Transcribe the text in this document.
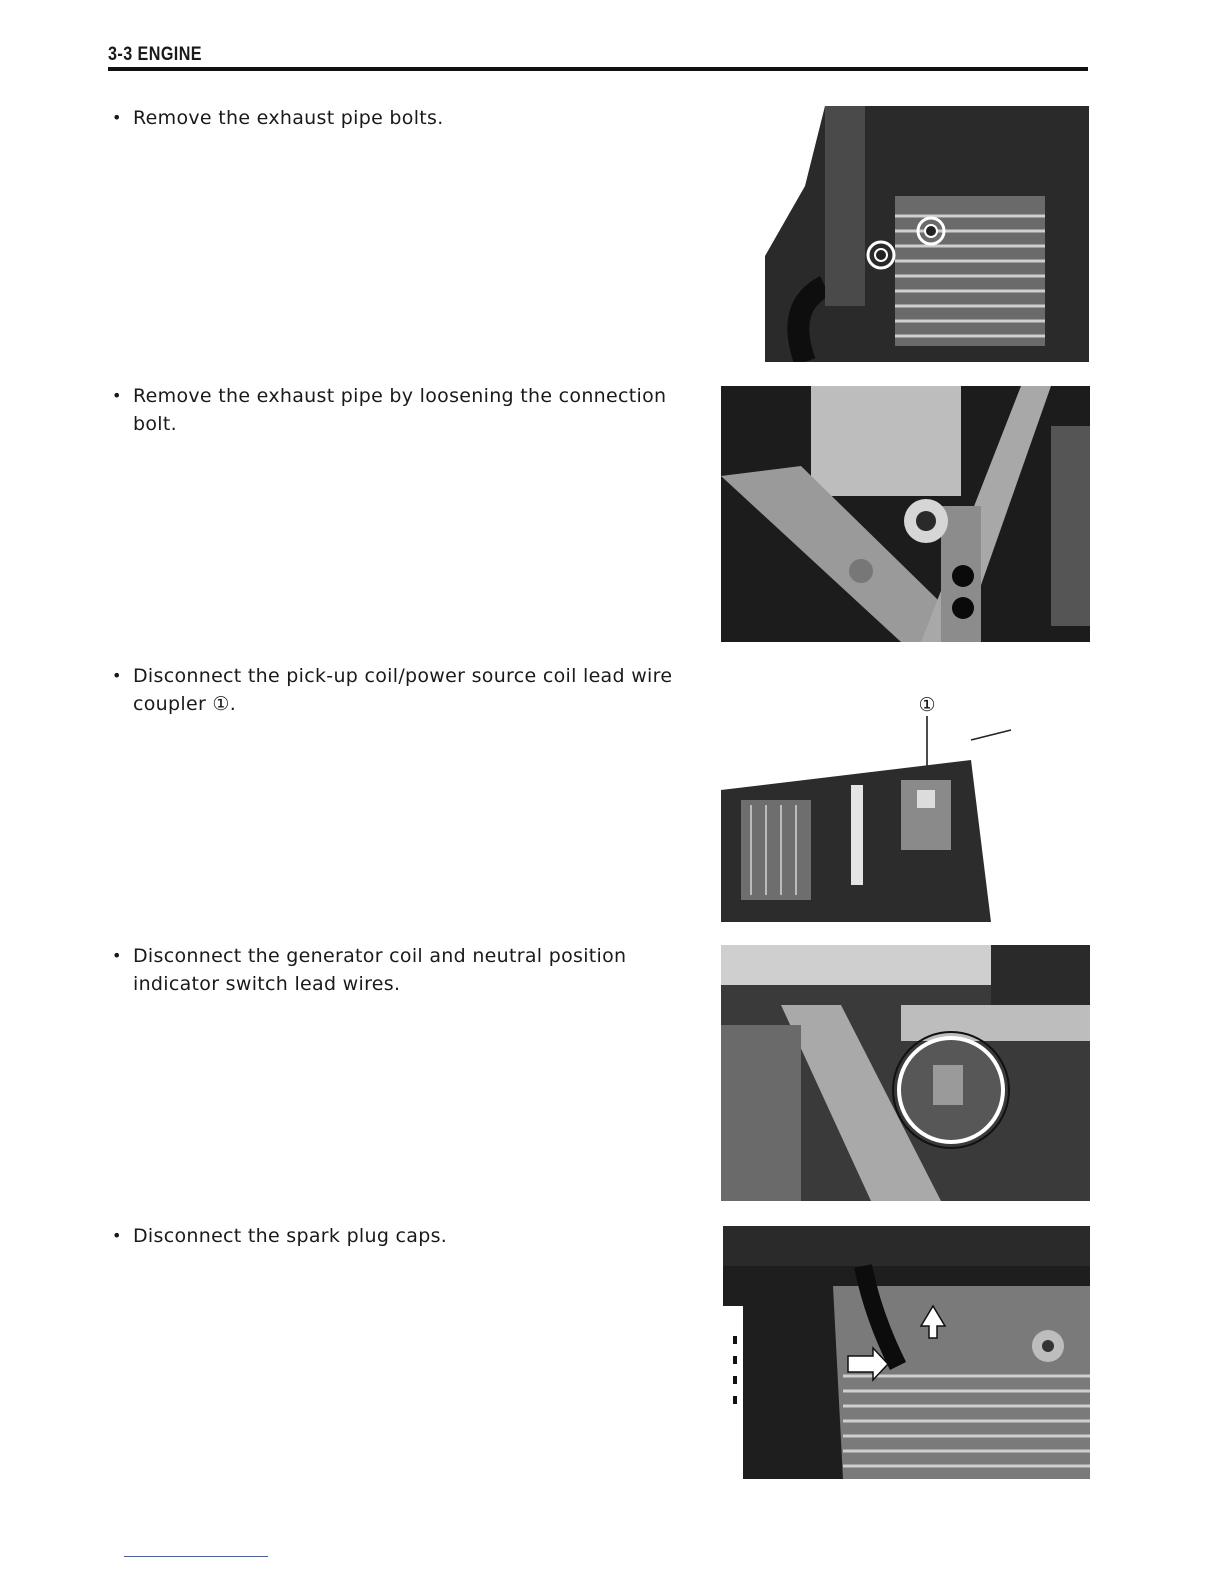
3-3 ENGINE
• Remove the exhaust pipe bolts.
• Remove the exhaust pipe by loosening the connection bolt.
• Disconnect the pick-up coil/power source coil lead wire coupler ①.	①
• Disconnect the generator coil and neutral position indicator switch lead wires.
• Disconnect the spark plug caps.
